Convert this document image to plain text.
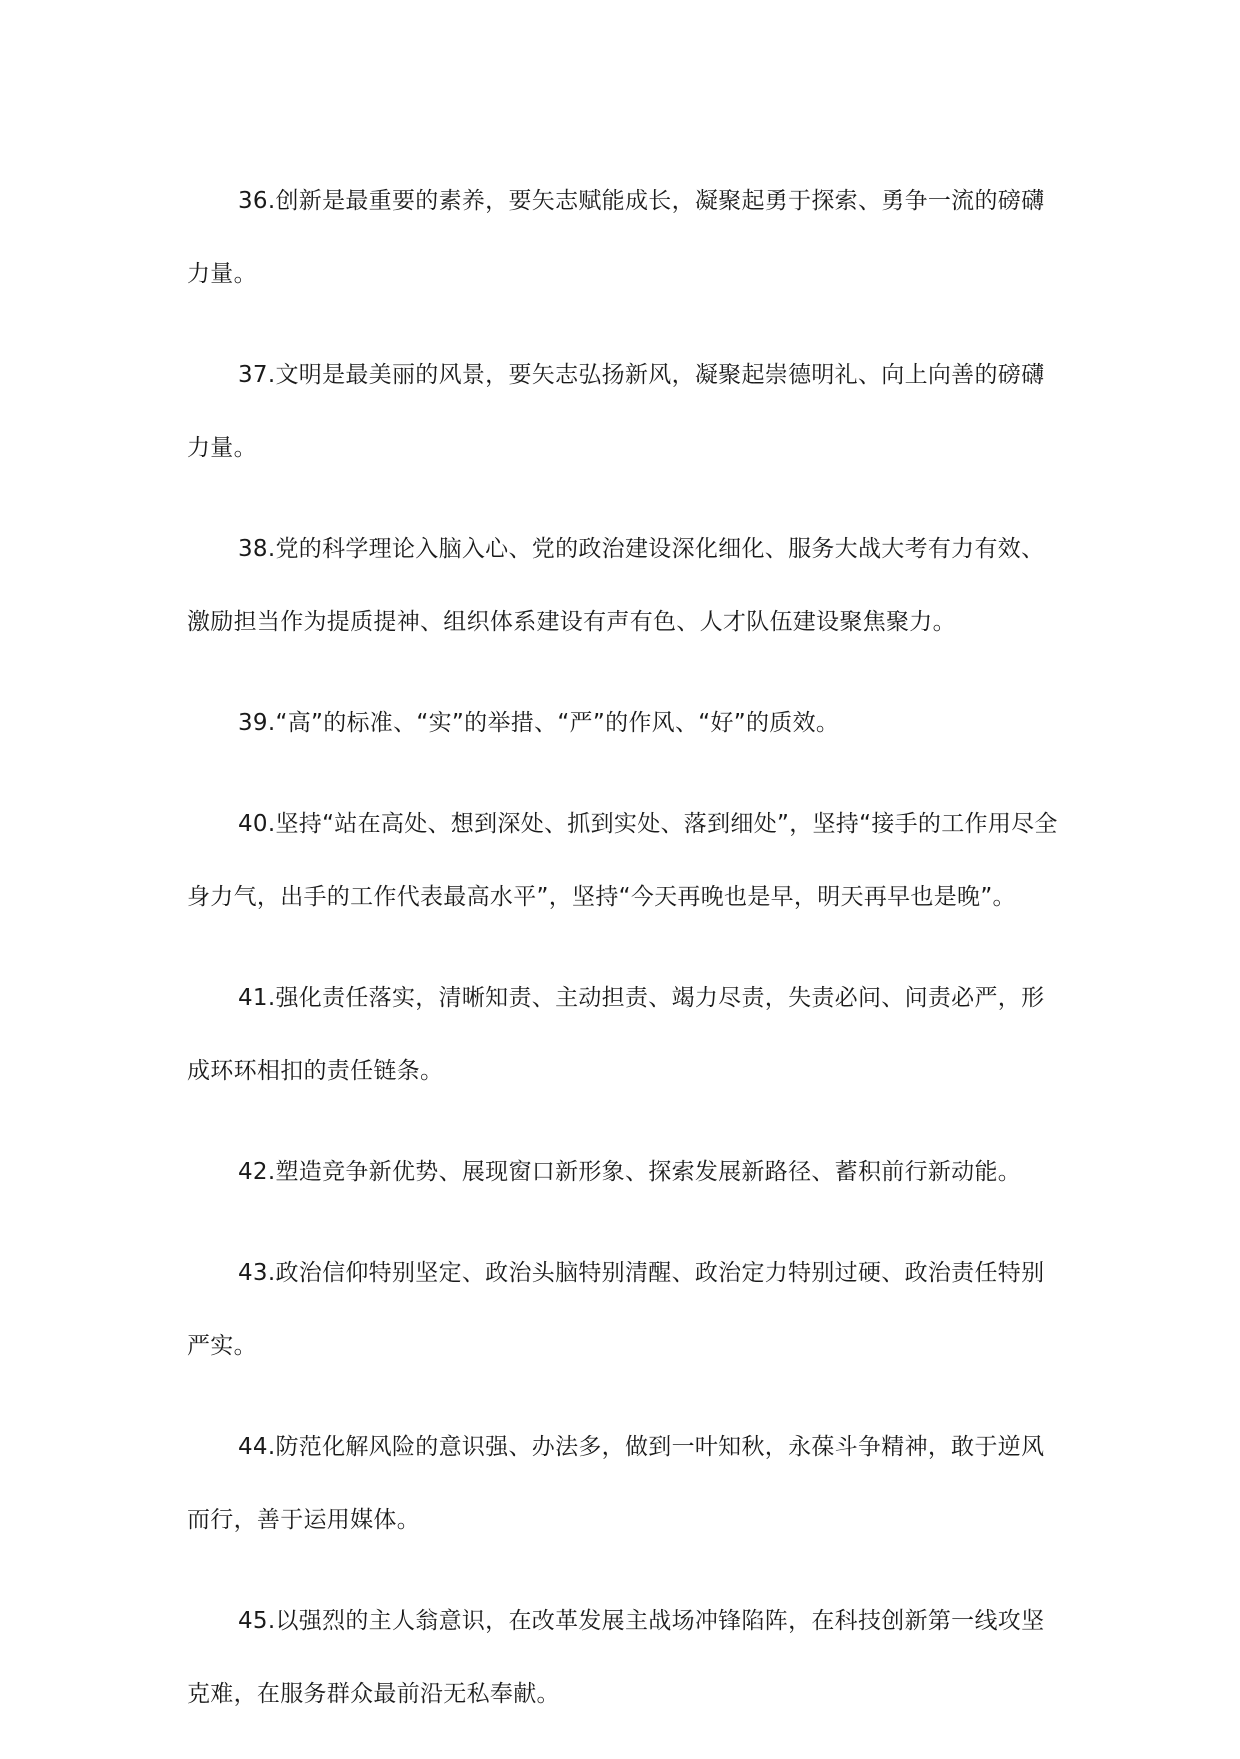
36.创新是最重要的素养，要矢志赋能成长，凝聚起勇于探索、勇争一流的磅礴力量。

37.文明是最美丽的风景，要矢志弘扬新风，凝聚起崇德明礼、向上向善的磅礴力量。

38.党的科学理论入脑入心、党的政治建设深化细化、服务大战大考有力有效、激励担当作为提质提神、组织体系建设有声有色、人才队伍建设聚焦聚力。

39.“高”的标准、“实”的举措、“严”的作风、“好”的质效。

40.坚持“站在高处、想到深处、抓到实处、落到细处”，坚持“接手的工作用尽全身力气，出手的工作代表最高水平”，坚持“今天再晚也是早，明天再早也是晚”。

41.强化责任落实，清晰知责、主动担责、竭力尽责，失责必问、问责必严，形成环环相扣的责任链条。

42.塑造竞争新优势、展现窗口新形象、探索发展新路径、蓄积前行新动能。

43.政治信仰特别坚定、政治头脑特别清醒、政治定力特别过硬、政治责任特别严实。

44.防范化解风险的意识强、办法多，做到一叶知秋，永葆斗争精神，敢于逆风而行，善于运用媒体。

45.以强烈的主人翁意识，在改革发展主战场冲锋陷阵，在科技创新第一线攻坚克难，在服务群众最前沿无私奉献。
